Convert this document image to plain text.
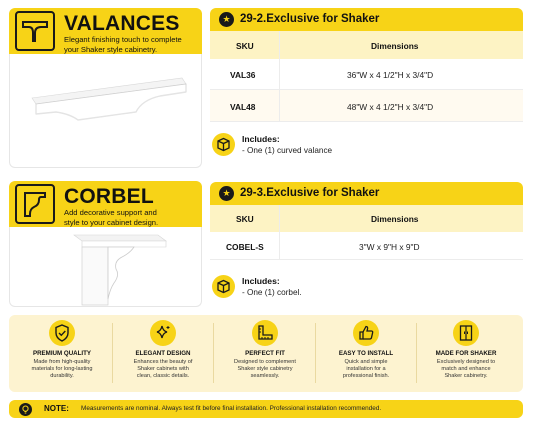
VALANCES
Elegant finishing touch to complete
your Shaker style cabinetry.
★ 29-2.Exclusive for Shaker
SKU	Dimensions
VAL36	36"W x 4 1/2"H x 3/4"D
VAL48	48"W x 4 1/2"H x 3/4"D
Includes:
- One (1) curved valance
CORBEL
Add decorative support and
style to your cabinet design.
★ 29-3.Exclusive for Shaker
SKU	Dimensions
COBEL-S	3"W x 9"H x 9"D
Includes:
- One (1) corbel.
PREMIUM QUALITY
Made from high-quality
materials for long-lasting
durability.
ELEGANT DESIGN
Enhances the beauty of
Shaker cabinets with
clean, classic details.
PERFECT FIT
Designed to complement
Shaker style cabinetry
seamlessly.
EASY TO INSTALL
Quick and simple
installation for a
professional finish.
MADE FOR SHAKER
Exclusively designed to
match and enhance
Shaker cabinetry.
NOTE: Measurements are nominal. Always test fit before final installation. Professional installation recommended.
